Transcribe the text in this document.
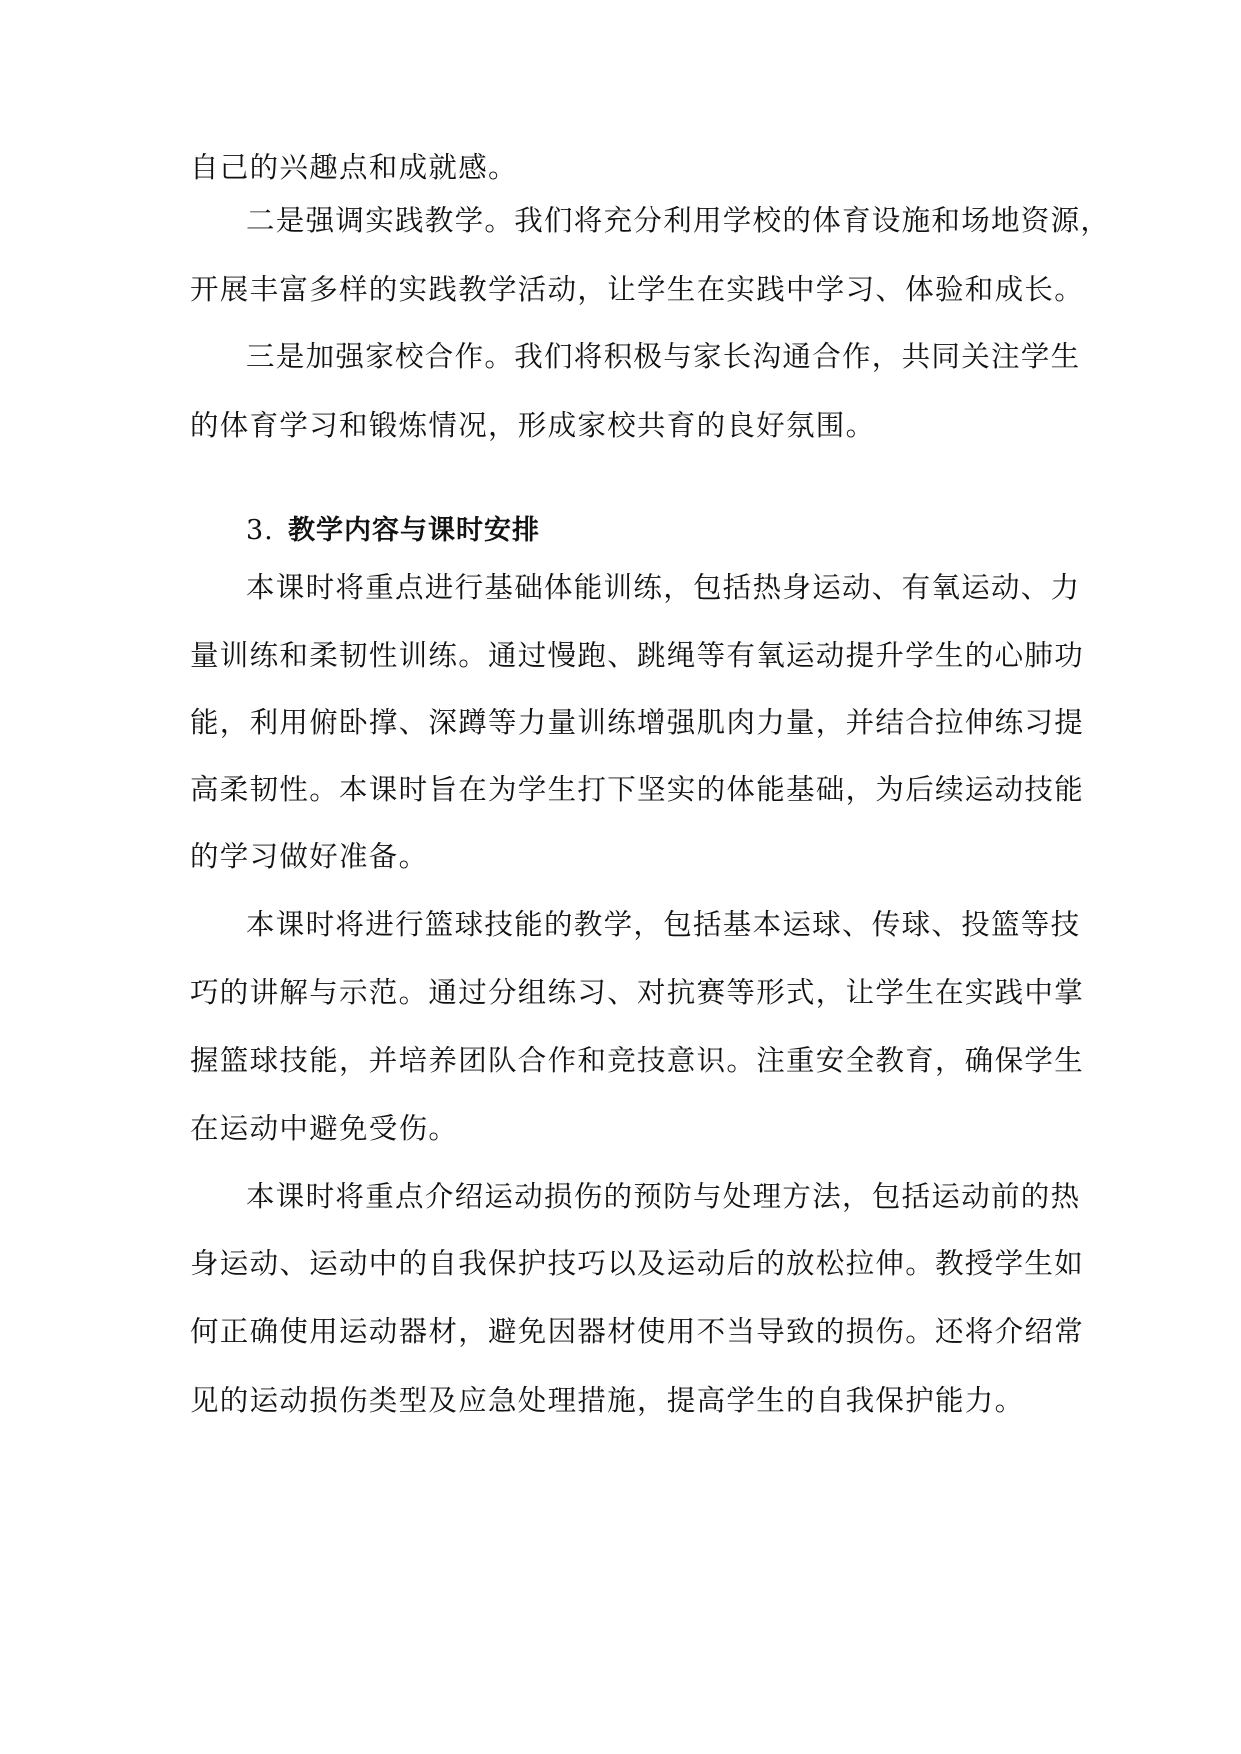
自己的兴趣点和成就感。
二是强调实践教学。我们将充分利用学校的体育设施和场地资源，
开展丰富多样的实践教学活动，让学生在实践中学习、体验和成长。
三是加强家校合作。我们将积极与家长沟通合作，共同关注学生
的体育学习和锻炼情况，形成家校共育的良好氛围。
3. 教学内容与课时安排
本课时将重点进行基础体能训练，包括热身运动、有氧运动、力
量训练和柔韧性训练。通过慢跑、跳绳等有氧运动提升学生的心肺功
能，利用俯卧撑、深蹲等力量训练增强肌肉力量，并结合拉伸练习提
高柔韧性。本课时旨在为学生打下坚实的体能基础，为后续运动技能
的学习做好准备。
本课时将进行篮球技能的教学，包括基本运球、传球、投篮等技
巧的讲解与示范。通过分组练习、对抗赛等形式，让学生在实践中掌
握篮球技能，并培养团队合作和竞技意识。注重安全教育，确保学生
在运动中避免受伤。
本课时将重点介绍运动损伤的预防与处理方法，包括运动前的热
身运动、运动中的自我保护技巧以及运动后的放松拉伸。教授学生如
何正确使用运动器材，避免因器材使用不当导致的损伤。还将介绍常
见的运动损伤类型及应急处理措施，提高学生的自我保护能力。
